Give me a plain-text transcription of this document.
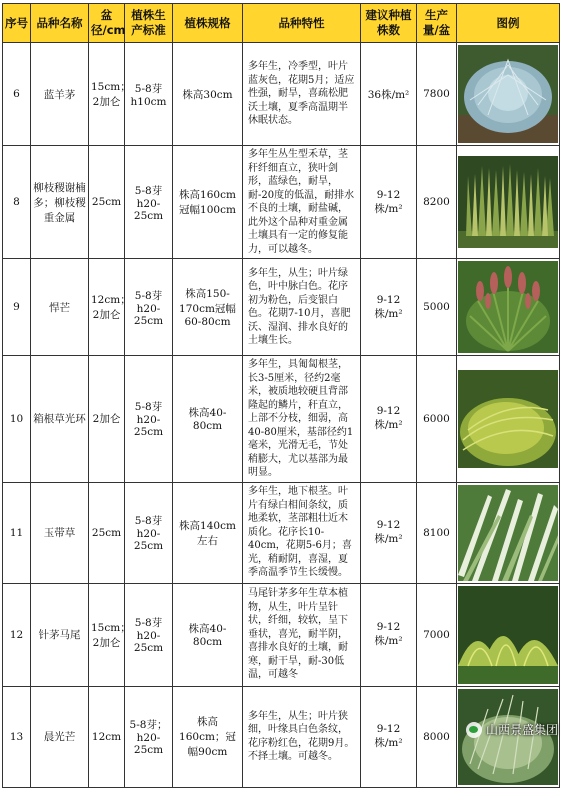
序号	品种名称	盆径/cm	植株生产标准	植株规格	品种特性	建议种植株数	生产量/盆	图例
6	蓝羊茅	15cm；2加仑	5-8芽h10cm	株高30cm	多年生，冷季型，叶片蓝灰色，花期5月；适应性强，耐旱，喜疏松肥沃土壤，夏季高温期半休眠状态。	36株/m²	7800	

8	柳枝稷谢楠多；柳枝稷重金属	25cm	5-8芽h20-25cm	株高160cm冠幅100cm	多年生丛生型禾草，茎秆纤细直立，狭叶剑形，蓝绿色，耐旱，耐-20度的低温，耐排水不良的土壤，耐盐碱，此外这个品种对重金属土壤具有一定的修复能力，可以越冬。	9-12株/m²	8200	

9	悍芒	12cm；2加仑	5-8芽h20-25cm	株高150-170cm冠幅60-80cm	多年生，从生；叶片绿色，叶中脉白色。花序初为粉色，后变银白色。花期7-10月，喜肥沃、湿润、排水良好的土壤生长。	9-12株/m²	5000	

10	箱根草光环	2加仑	5-8芽h20-25cm	株高40-80cm	多年生，具匍匐根茎，长3-5厘米，径约2毫米，被质地较硬且背部隆起的鳞片，秆直立，上部不分枝，细弱，高40-80厘米，基部径约1毫米，光滑无毛，节处稍膨大，尤以基部为最明显。	9-12株/m²	6000	

11	玉带草	25cm	5-8芽h20-25cm	株高140cm左右	多年生，地下根茎。叶片有绿白相间条纹，质地柔软，茎部粗壮近木质化。花序长10-40cm，花期5-6月；喜光，稍耐阴，喜湿，夏季高温季节生长缓慢。	9-12株/m²	8100	

12	针茅马尾	15cm；2加仑	5-8芽h20-25cm	株高40-80cm	马尾针茅多年生草本植物，从生，叶片呈针状，纤细，较软，呈下垂状，喜光，耐半阴，喜排水良好的土壤，耐寒，耐干旱，耐-30低温，可越冬	9-12株/m²	7000	

13	晨光芒	12cm	5-8芽；h20-25cm	株高160cm；冠幅90cm	多年生，从生；叶片狭细，叶缘具白色条纹，花序粉红色，花期9月。不择土壤。可越冬。	9-12株/m²	8000		山西景盛集团
